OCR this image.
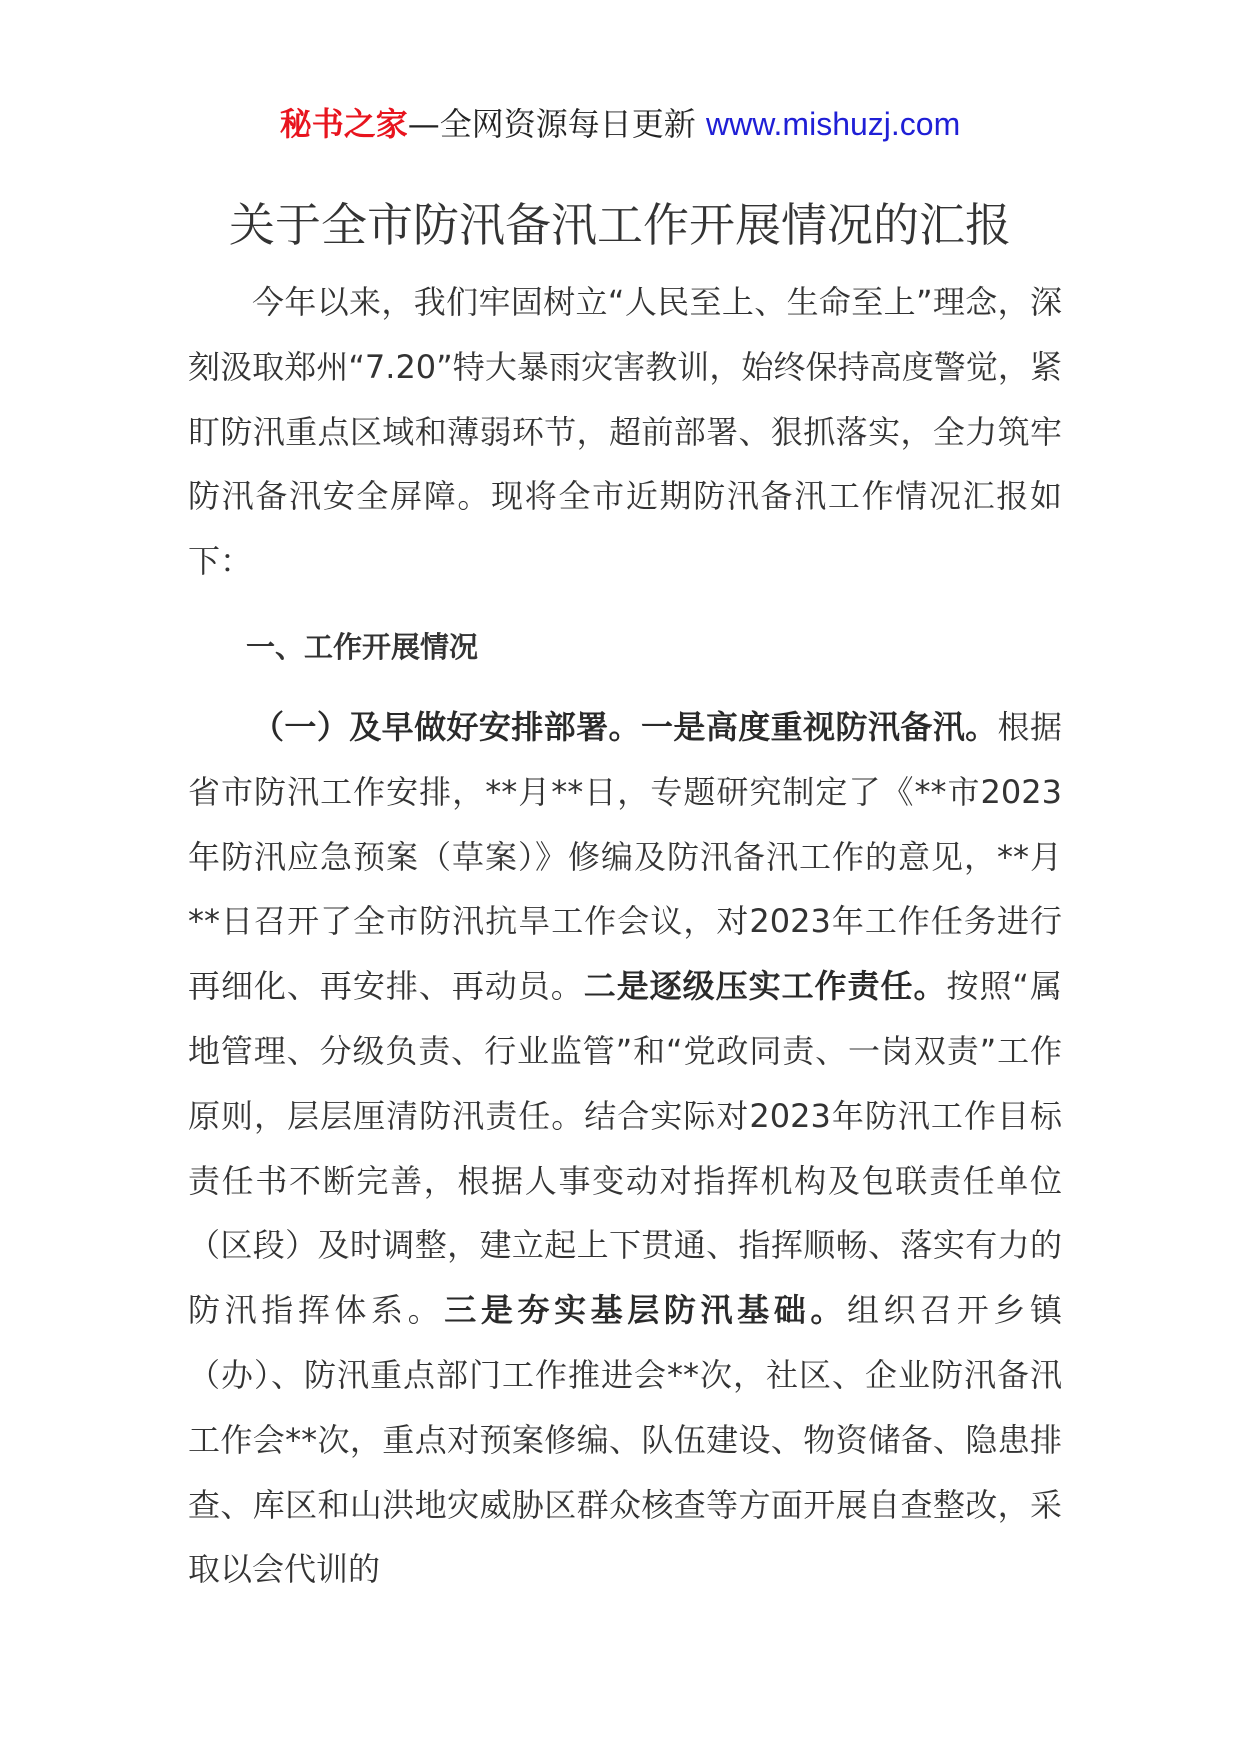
秘书之家—全网资源每日更新 www.mishuzj.com
关于全市防汛备汛工作开展情况的汇报
今年以来，我们牢固树立“人民至上、生命至上”理念，深刻汲取郑州“7.20”特大暴雨灾害教训，始终保持高度警觉，紧盯防汛重点区域和薄弱环节，超前部署、狠抓落实，全力筑牢防汛备汛安全屏障。现将全市近期防汛备汛工作情况汇报如下：
一、工作开展情况
（一）及早做好安排部署。一是高度重视防汛备汛。根据省市防汛工作安排，**月**日，专题研究制定了《**市2023年防汛应急预案（草案）》修编及防汛备汛工作的意见，**月**日召开了全市防汛抗旱工作会议，对2023年工作任务进行再细化、再安排、再动员。二是逐级压实工作责任。按照“属地管理、分级负责、行业监管”和“党政同责、一岗双责”工作原则，层层厘清防汛责任。结合实际对2023年防汛工作目标责任书不断完善，根据人事变动对指挥机构及包联责任单位（区段）及时调整，建立起上下贯通、指挥顺畅、落实有力的防汛指挥体系。三是夯实基层防汛基础。组织召开乡镇（办）、防汛重点部门工作推进会**次，社区、企业防汛备汛工作会**次，重点对预案修编、队伍建设、物资储备、隐患排查、库区和山洪地灾威胁区群众核查等方面开展自查整改，采取以会代训的
